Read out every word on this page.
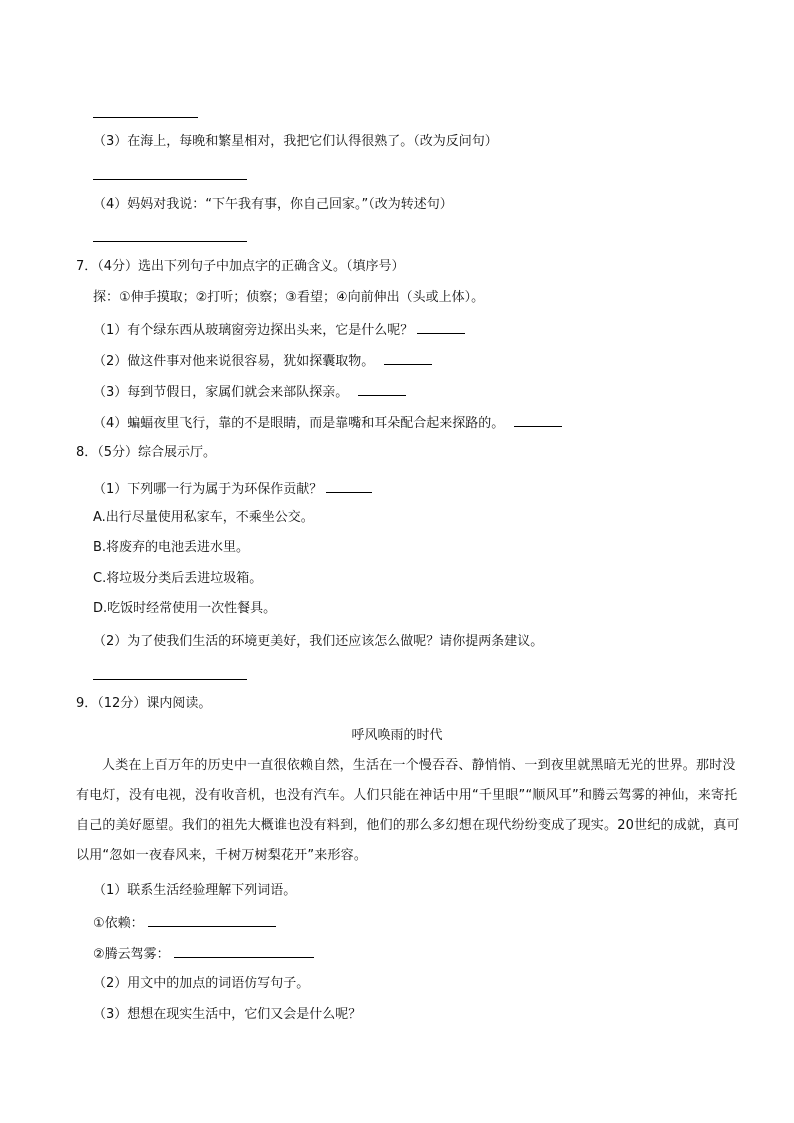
（3）在海上，每晚和繁星相对，我把它们认得很熟了。（改为反问句）
（4）妈妈对我说：“下午我有事，你自己回家。”（改为转述句）
7．（4分）选出下列句子中加点字的正确含义。（填序号）
探：①伸手摸取；②打听；侦察；③看望；④向前伸出（头或上体）。
（1）有个绿东西从玻璃窗旁边探出头来，它是什么呢？
（2）做这件事对他来说很容易，犹如探囊取物。
（3）每到节假日，家属们就会来部队探亲。
（4）蝙蝠夜里飞行，靠的不是眼睛，而是靠嘴和耳朵配合起来探路的。
8．（5分）综合展示厅。
（1）下列哪一行为属于为环保作贡献？
A.出行尽量使用私家车，不乘坐公交。
B.将废弃的电池丢进水里。
C.将垃圾分类后丢进垃圾箱。
D.吃饭时经常使用一次性餐具。
（2）为了使我们生活的环境更美好，我们还应该怎么做呢？请你提两条建议。
9．（12分）课内阅读。
呼风唤雨的时代

人类在上百万年的历史中一直很依赖自然，生活在一个慢吞吞、静悄悄、一到夜里就黑暗无光的世界。那时没有电灯，没有电视，没有收音机，也没有汽车。人们只能在神话中用“千里眼”“顺风耳”和腾云驾雾的神仙，来寄托自己的美好愿望。我们的祖先大概谁也没有料到，他们的那么多幻想在现代纷纷变成了现实。20世纪的成就，真可以用“忽如一夜春风来，千树万树梨花开”来形容。

（1）联系生活经验理解下列词语。
①依赖：
②腾云驾雾：
（2）用文中的加点的词语仿写句子。
（3）想想在现实生活中，它们又会是什么呢？
